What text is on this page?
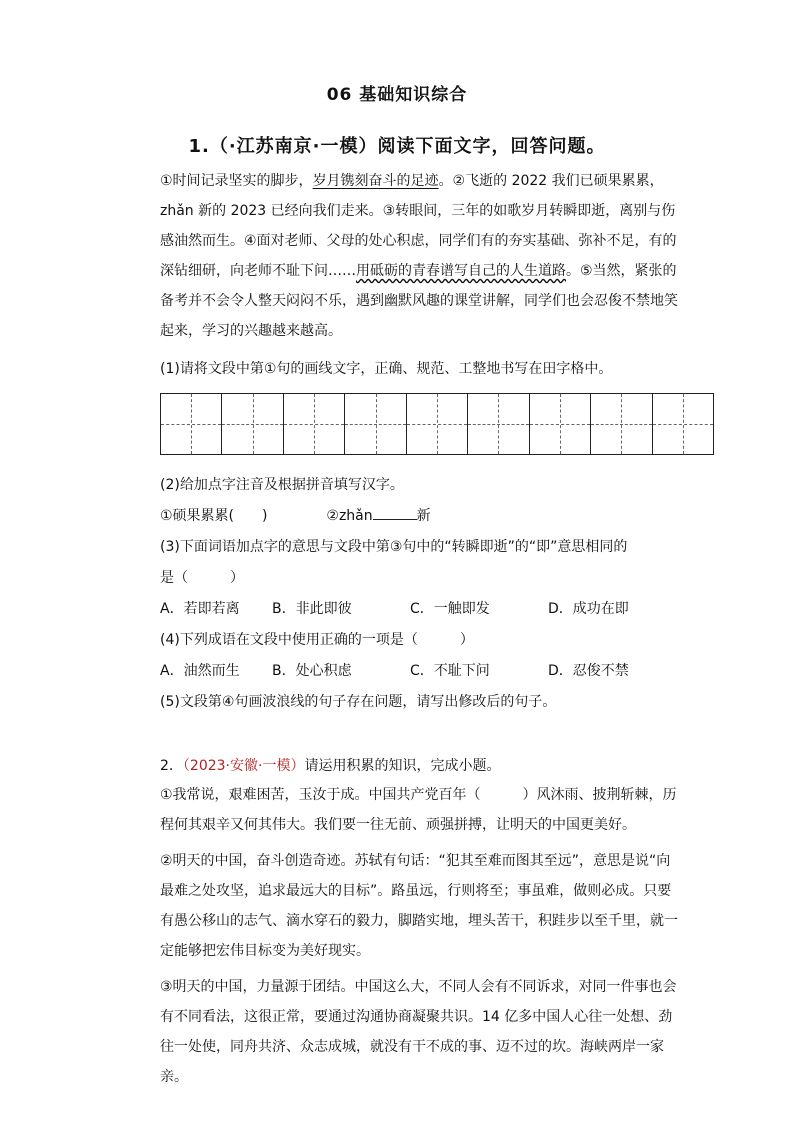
06 基础知识综合
1.（·江苏南京·一模）阅读下面文字，回答问题。

①时间记录坚实的脚步，岁月镌刻奋斗的足迹。②飞逝的 2022 我们已硕果累累，zhǎn 新的 2023 已经向我们走来。③转眼间，三年的如歌岁月转瞬即逝，离别与伤感油然而生。④面对老师、父母的处心积虑，同学们有的夯实基础、弥补不足，有的深钻细研，向老师不耻下问……用砥砺的青春谱写自己的人生道路。⑤当然，紧张的备考并不会令人整天闷闷不乐，遇到幽默风趣的课堂讲解，同学们也会忍俊不禁地笑起来，学习的兴趣越来越高。

(1)请将文段中第①句的画线文字，正确、规范、工整地书写在田字格中。
(2)给加点字注音及根据拼音填写汉字。
①硕果累累(　　)	②zhǎn	新
(3)下面词语加点字的意思与文段中第③句中的“转瞬即逝”的“即”意思相同的
是（　　　）
A．若即若离 B．非此即彼	C．一触即发	D．成功在即
(4)下列成语在文段中使用正确的一项是（　　　）
A．油然而生 B．处心积虑	C．不耻下问	D．忍俊不禁
(5)文段第④句画波浪线的句子存在问题，请写出修改后的句子。
2．（2023·安徽·一模）请运用积累的知识，完成小题。

①我常说，艰难困苦，玉汝于成。中国共产党百年（　　　）风沐雨、披荆斩棘，历程何其艰辛又何其伟大。我们要一往无前、顽强拼搏，让明天的中国更美好。

②明天的中国，奋斗创造奇迹。苏轼有句话：“犯其至难而图其至远”，意思是说“向最难之处攻坚，追求最远大的目标”。路虽远，行则将至；事虽难，做则必成。只要有愚公移山的志气、滴水穿石的毅力，脚踏实地，埋头苦干，积跬步以至千里，就一定能够把宏伟目标变为美好现实。

③明天的中国，力量源于团结。中国这么大，不同人会有不同诉求，对同一件事也会有不同看法，这很正常，要通过沟通协商凝聚共识。14 亿多中国人心往一处想、劲往一处使，同舟共济、众志成城，就没有干不成的事、迈不过的坎。海峡两岸一家亲。
